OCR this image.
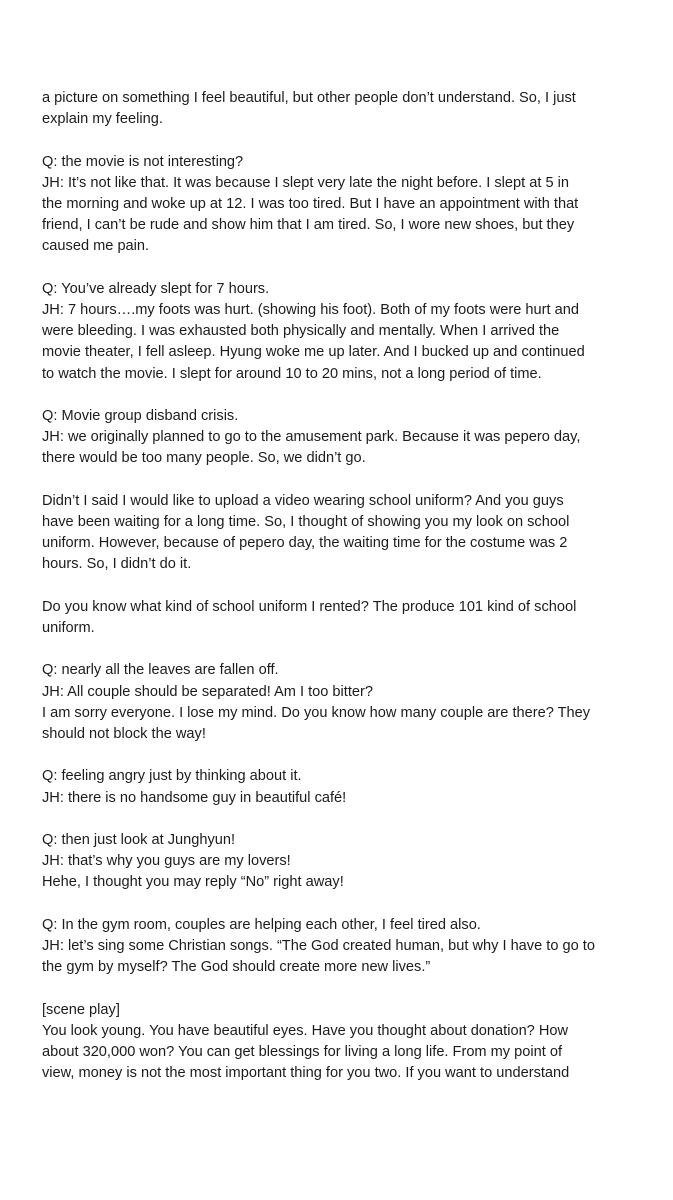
a picture on something I feel beautiful, but other people don’t understand. So, I just
explain my feeling.

Q: the movie is not interesting?
JH: It’s not like that. It was because I slept very late the night before. I slept at 5 in
the morning and woke up at 12. I was too tired. But I have an appointment with that
friend, I can’t be rude and show him that I am tired. So, I wore new shoes, but they
caused me pain.

Q: You’ve already slept for 7 hours.
JH: 7 hours….my foots was hurt. (showing his foot). Both of my foots were hurt and
were bleeding. I was exhausted both physically and mentally. When I arrived the
movie theater, I fell asleep. Hyung woke me up later. And I bucked up and continued
to watch the movie. I slept for around 10 to 20 mins, not a long period of time.

Q: Movie group disband crisis.
JH: we originally planned to go to the amusement park. Because it was pepero day,
there would be too many people. So, we didn’t go.

Didn’t I said I would like to upload a video wearing school uniform? And you guys
have been waiting for a long time. So, I thought of showing you my look on school
uniform. However, because of pepero day, the waiting time for the costume was 2
hours. So, I didn’t do it.

Do you know what kind of school uniform I rented? The produce 101 kind of school
uniform.

Q: nearly all the leaves are fallen off.
JH: All couple should be separated! Am I too bitter?
I am sorry everyone. I lose my mind. Do you know how many couple are there? They
should not block the way!

Q: feeling angry just by thinking about it.
JH: there is no handsome guy in beautiful café!

Q: then just look at Junghyun!
JH: that’s why you guys are my lovers!
Hehe, I thought you may reply “No” right away!

Q: In the gym room, couples are helping each other, I feel tired also.
JH: let’s sing some Christian songs. “The God created human, but why I have to go to
the gym by myself? The God should create more new lives.”

[scene play]
You look young. You have beautiful eyes. Have you thought about donation? How
about 320,000 won? You can get blessings for living a long life. From my point of
view, money is not the most important thing for you two. If you want to understand
